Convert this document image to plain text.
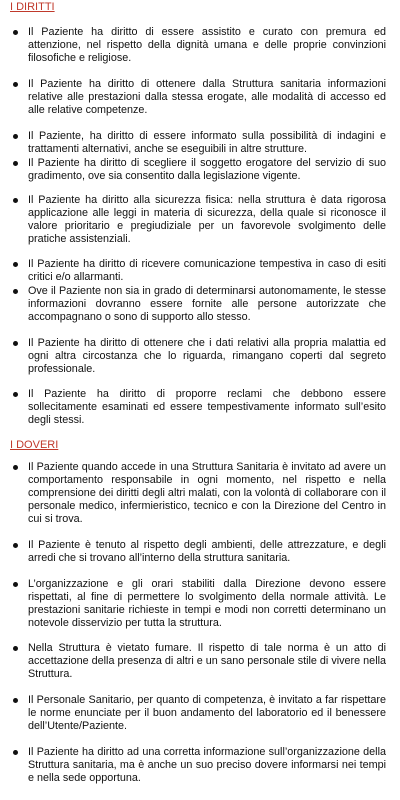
I DIRITTI
Il Paziente ha diritto di essere assistito e curato con premura ed attenzione, nel rispetto della dignità umana e delle proprie convinzioni filosofiche e religiose.
Il Paziente ha diritto di ottenere dalla Struttura sanitaria informazioni relative alle prestazioni dalla stessa erogate, alle modalità di accesso ed alle relative competenze.
Il Paziente, ha diritto di essere informato sulla possibilità di indagini e trattamenti alternativi, anche se eseguibili in altre strutture.
Il Paziente ha diritto di scegliere il soggetto erogatore del servizio di suo gradimento, ove sia consentito dalla legislazione vigente.
Il Paziente ha diritto alla sicurezza fisica: nella struttura è data rigorosa applicazione alle leggi in materia di sicurezza, della quale si riconosce il valore prioritario e pregiudiziale per un favorevole svolgimento delle pratiche assistenziali.
Il Paziente ha diritto di ricevere comunicazione tempestiva in caso di esiti critici e/o allarmanti.
Ove il Paziente non sia in grado di determinarsi autonomamente, le stesse informazioni dovranno essere fornite alle persone autorizzate che accompagnano o sono di supporto allo stesso.
Il Paziente ha diritto di ottenere che i dati relativi alla propria malattia ed ogni altra circostanza che lo riguarda, rimangano coperti dal segreto professionale.
Il Paziente ha diritto di proporre reclami che debbono essere sollecitamente esaminati ed essere tempestivamente informato sull’esito degli stessi.
I DOVERI
Il Paziente quando accede in una Struttura Sanitaria è invitato ad avere un comportamento responsabile in ogni momento, nel rispetto e nella comprensione dei diritti degli altri malati, con la volontà di collaborare con il personale medico, infermieristico, tecnico e con la Direzione del Centro in cui si trova.
Il Paziente è tenuto al rispetto degli ambienti, delle attrezzature, e degli arredi che si trovano all’interno della struttura sanitaria.
L’organizzazione e gli orari stabiliti dalla Direzione devono essere rispettati, al fine di permettere lo svolgimento della normale attività. Le prestazioni sanitarie richieste in tempi e modi non corretti determinano un notevole disservizio per tutta la struttura.
Nella Struttura è vietato fumare. Il rispetto di tale norma è un atto di accettazione della presenza di altri e un sano personale stile di vivere nella Struttura.
Il Personale Sanitario, per quanto di competenza, è invitato a far rispettare le norme enunciate per il buon andamento del laboratorio ed il benessere dell’Utente/Paziente.
Il Paziente ha diritto ad una corretta informazione sull’organizzazione della Struttura sanitaria, ma è anche un suo preciso dovere informarsi nei tempi e nella sede opportuna.
